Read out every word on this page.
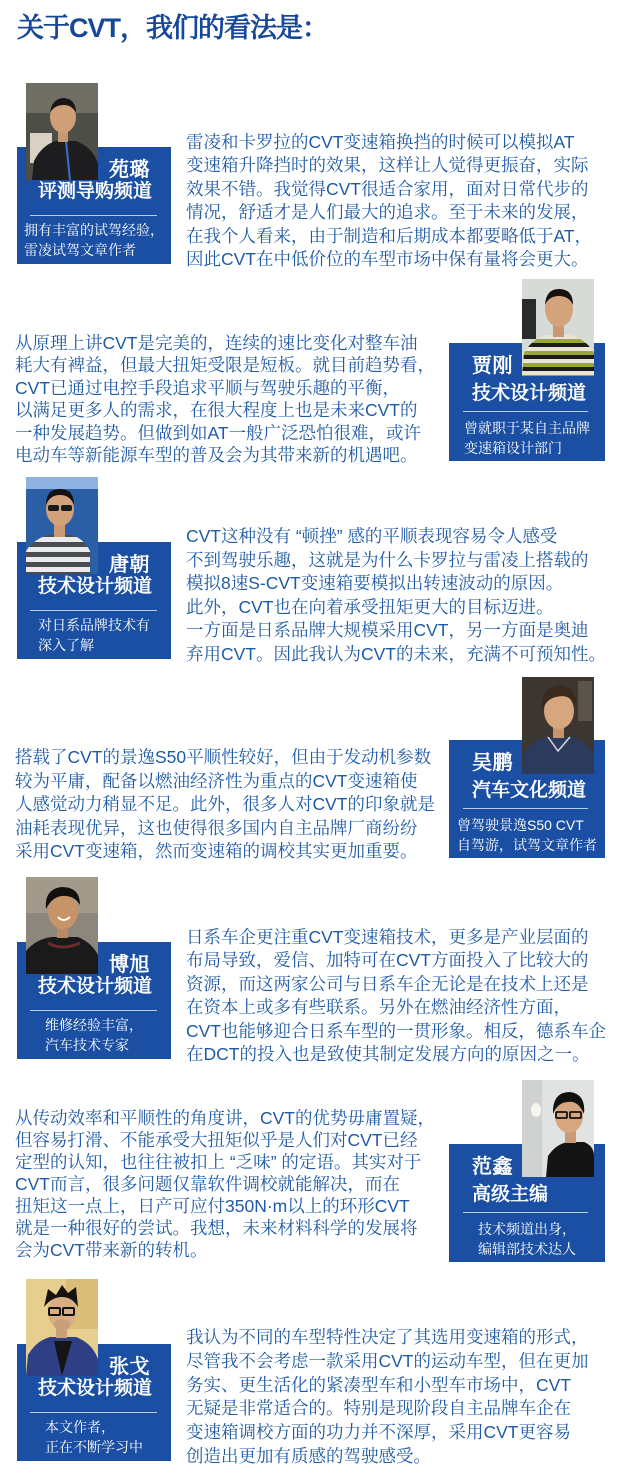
关于CVT，我们的看法是：
苑璐
评测导购频道
拥有丰富的试驾经验，
雷凌试驾文章作者
雷凌和卡罗拉的CVT变速箱换挡的时候可以模拟AT
变速箱升降挡时的效果，这样让人觉得更振奋，实际
效果不错。我觉得CVT很适合家用，面对日常代步的
情况，舒适才是人们最大的追求。至于未来的发展，
在我个人看来，由于制造和后期成本都要略低于AT，
因此CVT在中低价位的车型市场中保有量将会更大。
从原理上讲CVT是完美的，连续的速比变化对整车油
耗大有裨益，但最大扭矩受限是短板。就目前趋势看，
CVT已通过电控手段追求平顺与驾驶乐趣的平衡，
以满足更多人的需求，在很大程度上也是未来CVT的
一种发展趋势。但做到如AT一般广泛恐怕很难，或许
电动车等新能源车型的普及会为其带来新的机遇吧。
贾刚
技术设计频道
曾就职于某自主品牌
变速箱设计部门
唐朝
技术设计频道
对日系品牌技术有
深入了解
CVT这种没有 “顿挫” 感的平顺表现容易令人感受
不到驾驶乐趣，这就是为什么卡罗拉与雷凌上搭载的
模拟8速S-CVT变速箱要模拟出转速波动的原因。
此外，CVT也在向着承受扭矩更大的目标迈进。
一方面是日系品牌大规模采用CVT，另一方面是奥迪
弃用CVT。因此我认为CVT的未来，充满不可预知性。
搭载了CVT的景逸S50平顺性较好，但由于发动机参数
较为平庸，配备以燃油经济性为重点的CVT变速箱使
人感觉动力稍显不足。此外，很多人对CVT的印象就是
油耗表现优异，这也使得很多国内自主品牌厂商纷纷
采用CVT变速箱，然而变速箱的调校其实更加重要。
吴鹏
汽车文化频道
曾驾驶景逸S50 CVT
自驾游，试驾文章作者
博旭
技术设计频道
维修经验丰富，
汽车技术专家
日系车企更注重CVT变速箱技术，更多是产业层面的
布局导致，爱信、加特可在CVT方面投入了比较大的
资源，而这两家公司与日系车企无论是在技术上还是
在资本上或多有些联系。另外在燃油经济性方面，
CVT也能够迎合日系车型的一贯形象。相反，德系车企
在DCT的投入也是致使其制定发展方向的原因之一。
从传动效率和平顺性的角度讲，CVT的优势毋庸置疑，
但容易打滑、不能承受大扭矩似乎是人们对CVT已经
定型的认知，也往往被扣上 “乏味” 的定语。其实对于
CVT而言，很多问题仅靠软件调校就能解决，而在
扭矩这一点上，日产可应付350N·m以上的环形CVT
就是一种很好的尝试。我想，未来材料科学的发展将
会为CVT带来新的转机。
范鑫
高级主编
技术频道出身，
编辑部技术达人
张戈
技术设计频道
本文作者，
正在不断学习中
我认为不同的车型特性决定了其选用变速箱的形式，
尽管我不会考虑一款采用CVT的运动车型，但在更加
务实、更生活化的紧凑型车和小型车市场中，CVT
无疑是非常适合的。特别是现阶段自主品牌车企在
变速箱调校方面的功力并不深厚，采用CVT更容易
创造出更加有质感的驾驶感受。
